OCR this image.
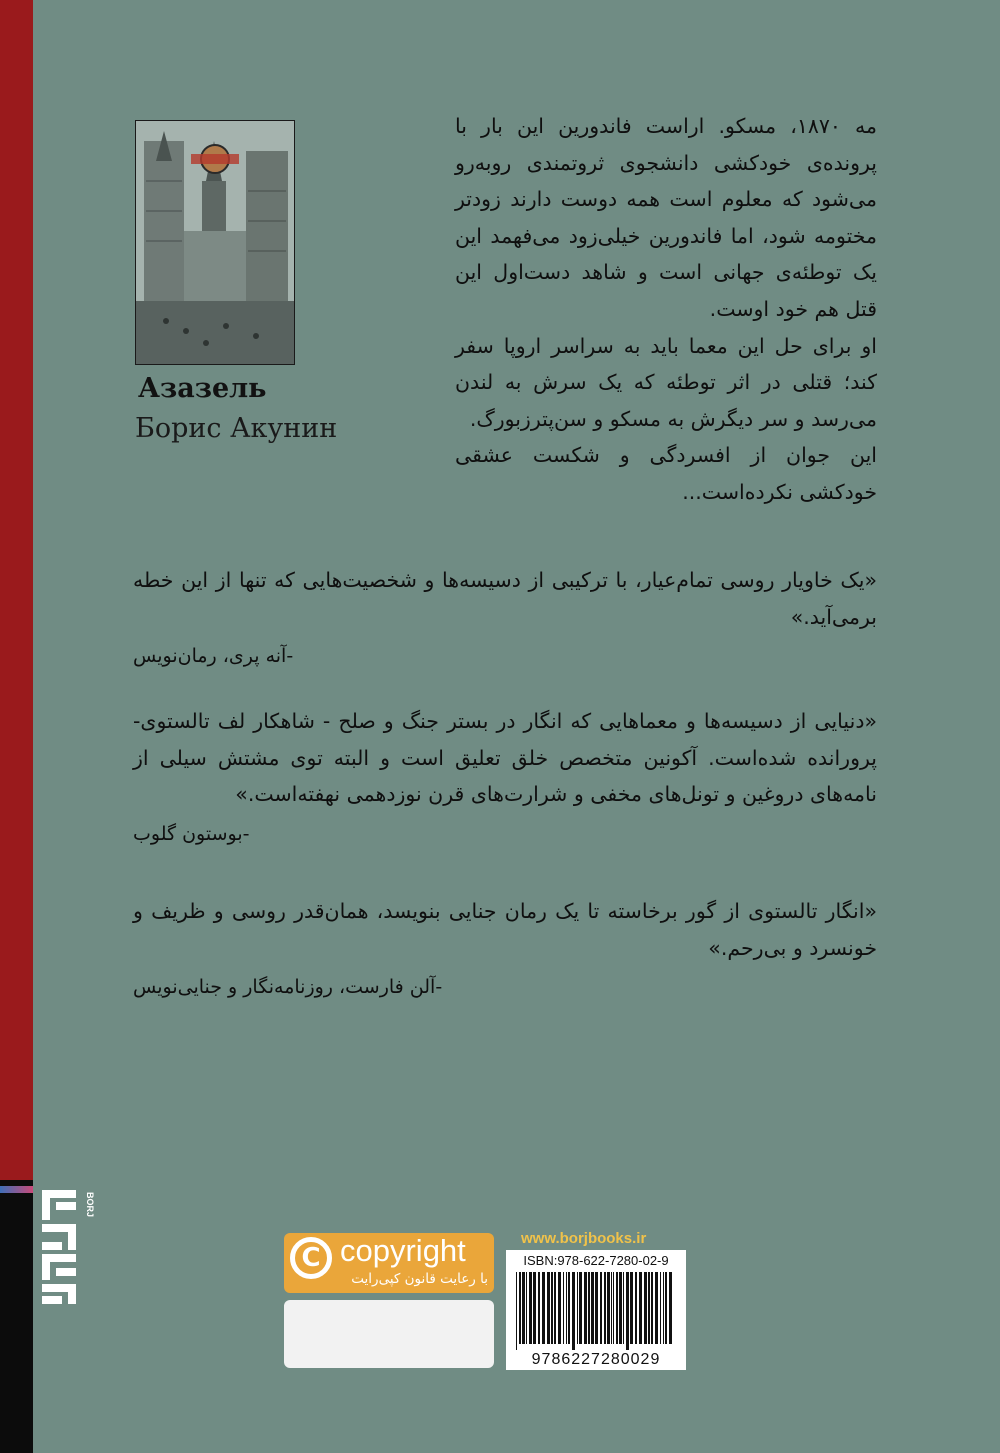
مه ۱۸۷۰، مسکو. اراست فاندورین این بار با پرونده‌ی خودکشی دانشجوی ثروتمندی روبه‌رو می‌شود که معلوم است همه دوست دارند زودتر مختومه شود، اما فاندورین خیلی‌زود می‌فهمد این یک توطئه‌ی جهانی است و شاهد دست‌اول این قتل هم خود اوست.

او برای حل این معما باید به سراسر اروپا سفر کند؛ قتلی در اثر توطئه که یک سرش به لندن می‌رسد و سر دیگرش به مسکو و سن‌پترزبورگ.

این جوان از افسردگی و شکست عشقی خودکشی نکرده‌است...

Азазель
Борис Акунин

«یک خاویار روسی تمام‌عیار، با ترکیبی از دسیسه‌ها و شخصیت‌هایی که تنها از این خطه برمی‌آید.»

-آنه پری، رمان‌نویس

«دنیایی از دسیسه‌ها و معماهایی که انگار در بستر جنگ و صلح - شاهکار لف تالستوی- پرورانده شده‌است. آکونین متخصص خلق تعلیق است و البته توی مشتش سیلی از نامه‌های دروغین و تونل‌های مخفی و شرارت‌های قرن نوزدهمی نهفته‌است.»

-بوستون گلوب

«انگار تالستوی از گور برخاسته تا یک رمان جنایی بنویسد، همان‌قدر روسی و ظریف و خونسرد و بی‌رحم.»

-آلن فارست، روزنامه‌نگار و جنایی‌نویس
BORJ
C copyright
با رعایت قانون کپی‌رایت
www.borjbooks.ir
ISBN:978-622-7280-02-9
9786227280029
